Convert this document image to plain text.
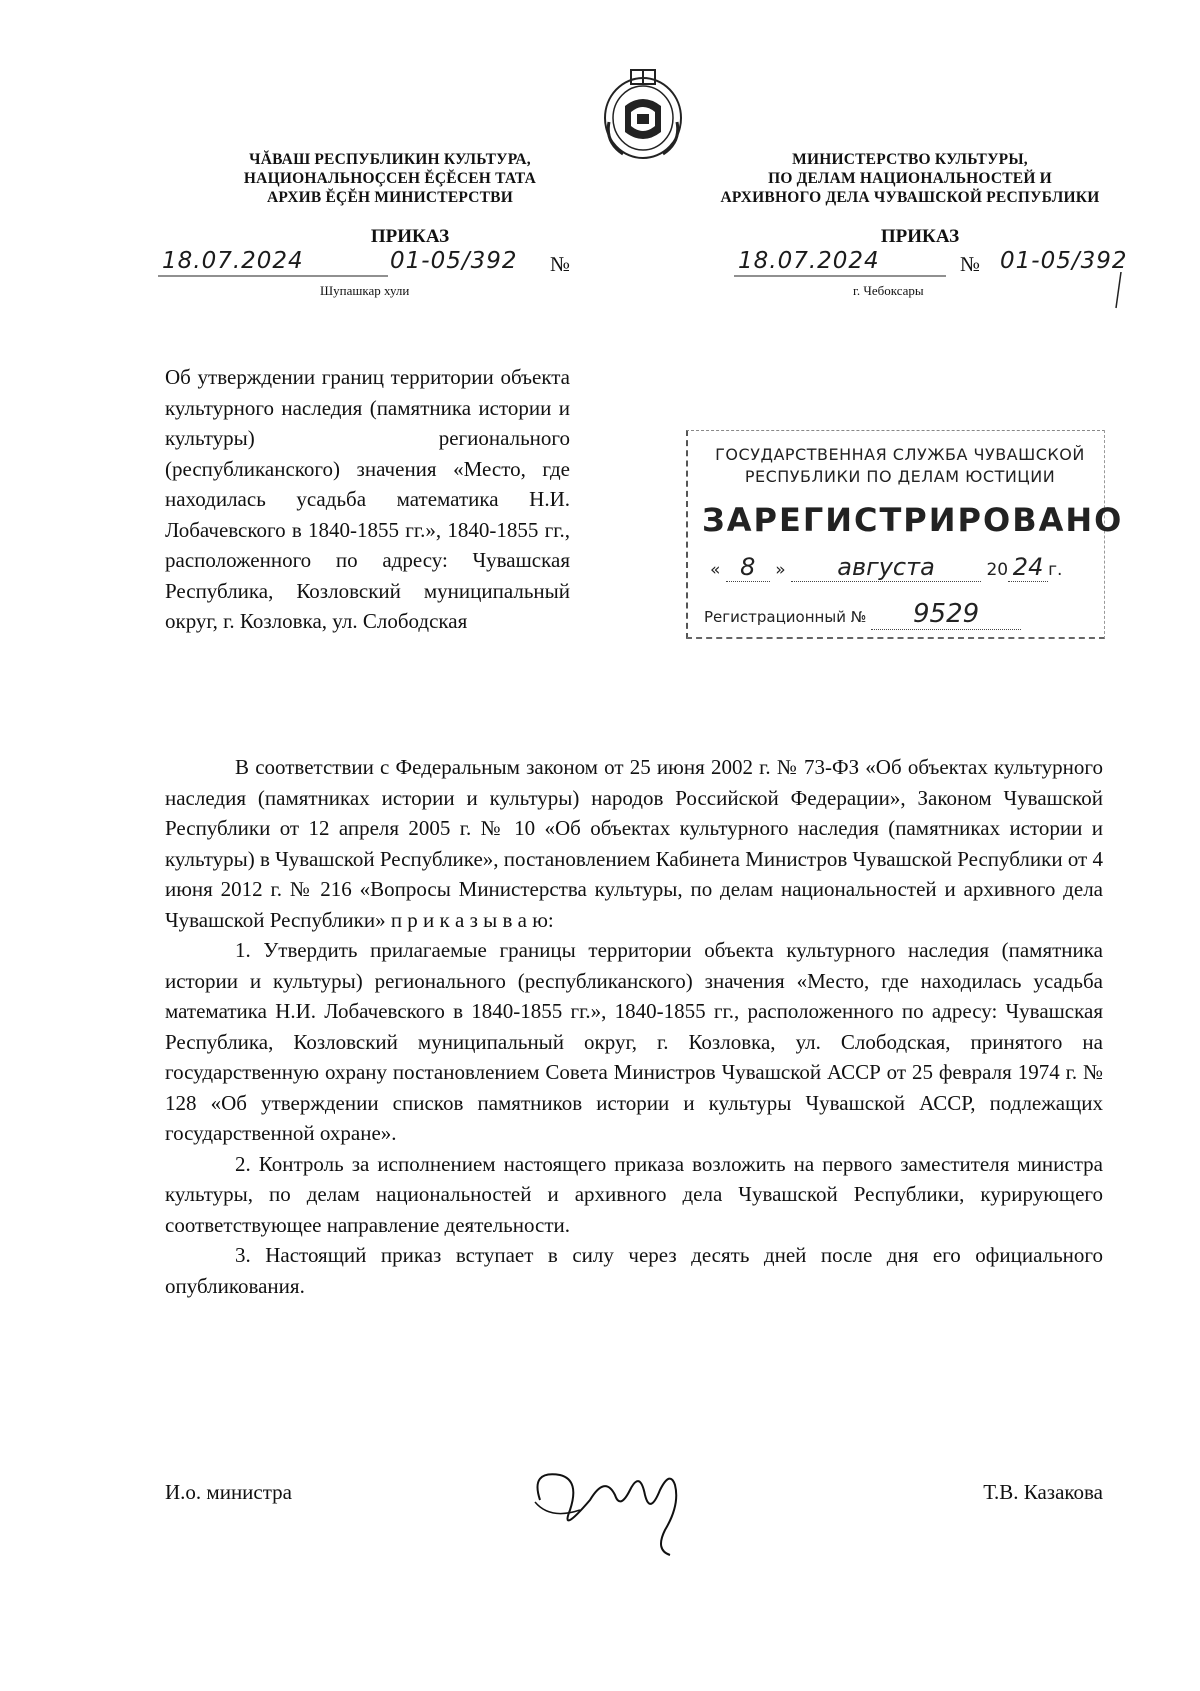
ЧĂВАШ РЕСПУБЛИКИН КУЛЬТУРА,
НАЦИОНАЛЬНОÇСЕН ĔÇĔСЕН ТАТА
АРХИВ ĔÇĔН МИНИСТЕРСТВИ
МИНИСТЕРСТВО КУЛЬТУРЫ,
ПО ДЕЛАМ НАЦИОНАЛЬНОСТЕЙ И
АРХИВНОГО ДЕЛА ЧУВАШСКОЙ РЕСПУБЛИКИ
ПРИКАЗ	ПРИКАЗ
18.07.2024	01-05/392 №	18.07.2024	№ 01-05/392
Шупашкар хули	г. Чебоксары
Об утверждении границ территории объекта культурного наследия (памятника истории и культуры) регионального (республиканского) значения «Место, где находилась усадьба математика Н.И. Лобачевского в 1840-1855 гг.», 1840-1855 гг., расположенного по адресу: Чувашская Республика, Козловский муниципальный округ, г. Козловка, ул. Слободская
ГОСУДАРСТВЕННАЯ СЛУЖБА ЧУВАШСКОЙ
РЕСПУБЛИКИ ПО ДЕЛАМ ЮСТИЦИИ
ЗАРЕГИСТРИРОВАНО
« 8 » августа	20 24 г.
Регистрационный № 9529

В соответствии с Федеральным законом от 25 июня 2002 г. № 73-ФЗ «Об объектах культурного наследия (памятниках истории и культуры) народов Российской Федерации», Законом Чувашской Республики от 12 апреля 2005 г. № 10 «Об объектах культурного наследия (памятниках истории и культуры) в Чувашской Республике», постановлением Кабинета Министров Чувашской Республики от 4 июня 2012 г. № 216 «Вопросы Министерства культуры, по делам национальностей и архивного дела Чувашской Республики» п р и к а з ы в а ю:

1. Утвердить прилагаемые границы территории объекта культурного наследия (памятника истории и культуры) регионального (республиканского) значения «Место, где находилась усадьба математика Н.И. Лобачевского в 1840-1855 гг.», 1840-1855 гг., расположенного по адресу: Чувашская Республика, Козловский муниципальный округ, г. Козловка, ул. Слободская, принятого на государственную охрану постановлением Совета Министров Чувашской АССР от 25 февраля 1974 г. № 128 «Об утверждении списков памятников истории и культуры Чувашской АССР, подлежащих государственной охране».

2. Контроль за исполнением настоящего приказа возложить на первого заместителя министра культуры, по делам национальностей и архивного дела Чувашской Республики, курирующего соответствующее направление деятельности.

3. Настоящий приказ вступает в силу через десять дней после дня его официального опубликования.

И.о. министра	Т.В. Казакова
